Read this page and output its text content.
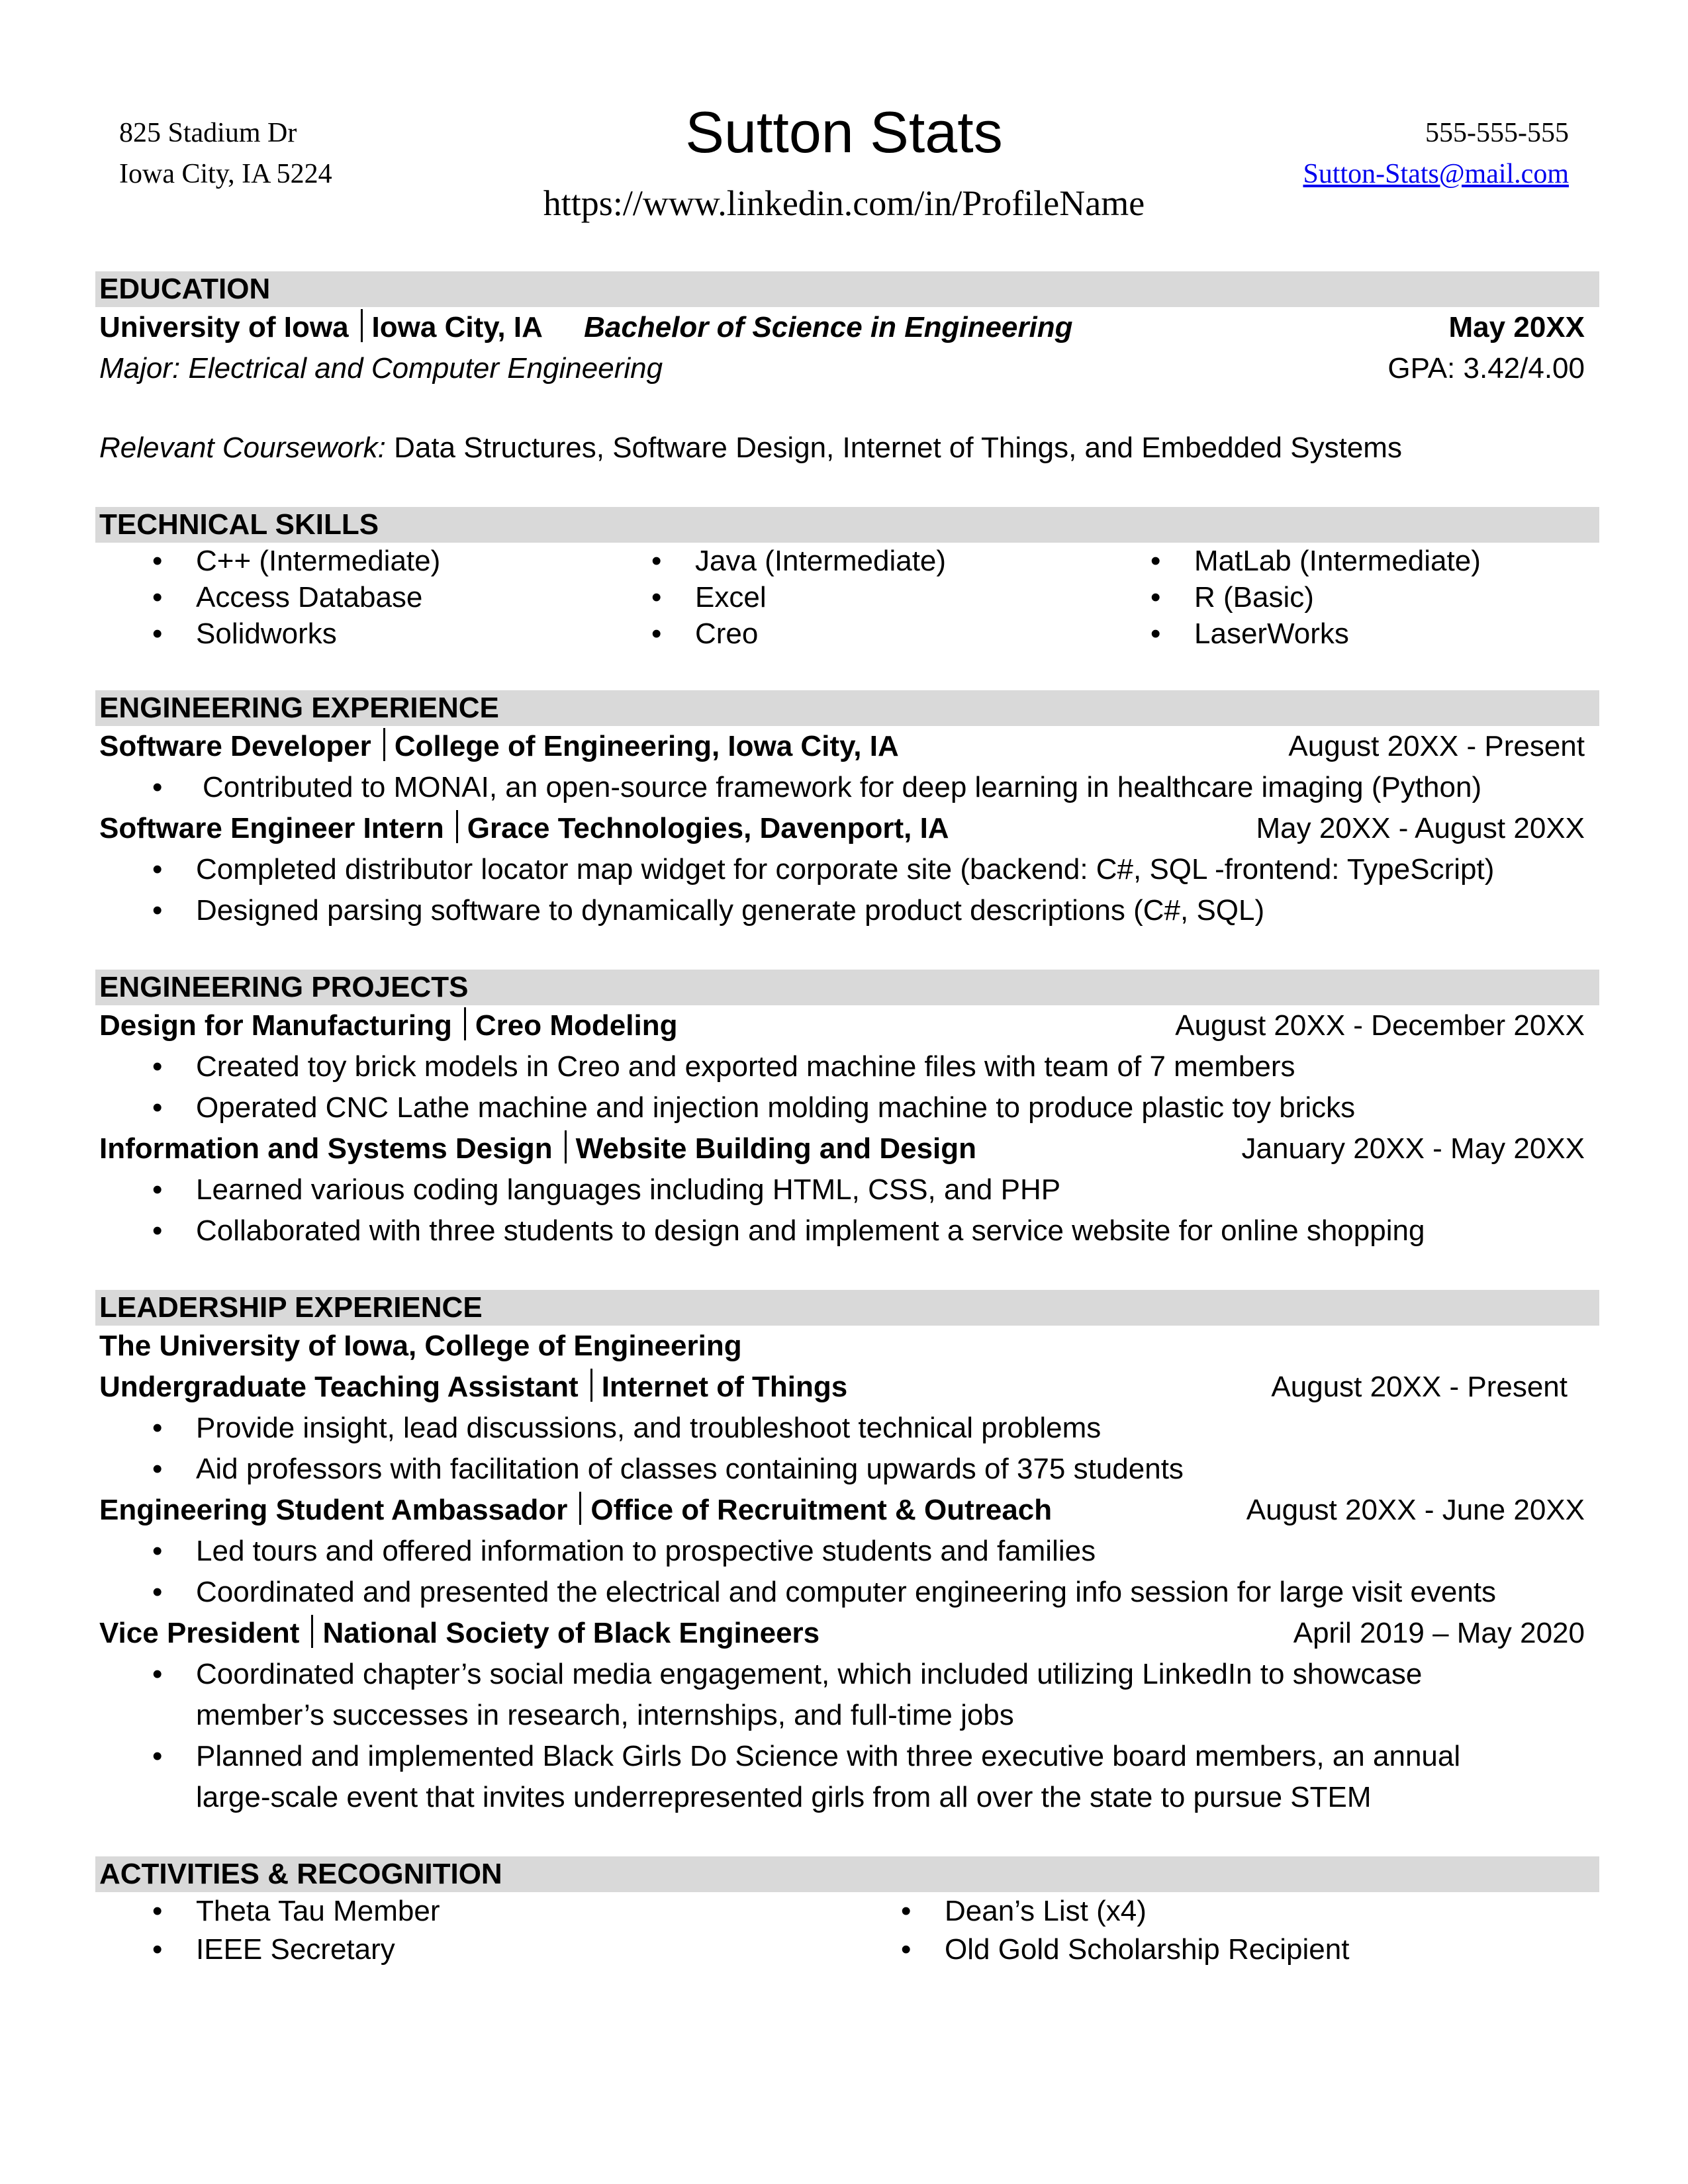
825 Stadium Dr
Iowa City, IA 5224
Sutton Stats
https://www.linkedin.com/in/ProfileName
555-555-555
Sutton-Stats@mail.com
EDUCATION
University of Iowa Iowa City, IA Bachelor of Science in Engineering	May 20XX
Major: Electrical and Computer Engineering	GPA: 3.42/4.00
Relevant Coursework: Data Structures, Software Design, Internet of Things, and Embedded Systems
TECHNICAL SKILLS
• C++ (Intermediate)
• Access Database
• Solidworks
• Java (Intermediate)
• Excel
• Creo
• MatLab (Intermediate)
• R (Basic)
• LaserWorks
ENGINEERING EXPERIENCE
Software Developer College of Engineering, Iowa City, IA	August 20XX - Present
• Contributed to MONAI, an open-source framework for deep learning in healthcare imaging (Python)
Software Engineer Intern Grace Technologies, Davenport, IA	May 20XX - August 20XX
• Completed distributor locator map widget for corporate site (backend: C#, SQL -frontend: TypeScript)
• Designed parsing software to dynamically generate product descriptions (C#, SQL)
ENGINEERING PROJECTS
Design for Manufacturing Creo Modeling	August 20XX - December 20XX
• Created toy brick models in Creo and exported machine files with team of 7 members
• Operated CNC Lathe machine and injection molding machine to produce plastic toy bricks
Information and Systems Design Website Building and Design	January 20XX - May 20XX
• Learned various coding languages including HTML, CSS, and PHP
• Collaborated with three students to design and implement a service website for online shopping
LEADERSHIP EXPERIENCE
The University of Iowa, College of Engineering
Undergraduate Teaching Assistant Internet of Things	August 20XX - Present
• Provide insight, lead discussions, and troubleshoot technical problems
• Aid professors with facilitation of classes containing upwards of 375 students
Engineering Student Ambassador Office of Recruitment & Outreach	August 20XX - June 20XX
• Led tours and offered information to prospective students and families
• Coordinated and presented the electrical and computer engineering info session for large visit events
Vice President National Society of Black Engineers	April 2019 – May 2020
• Coordinated chapter’s social media engagement, which included utilizing LinkedIn to showcase member’s successes in research, internships, and full-time jobs
• Planned and implemented Black Girls Do Science with three executive board members, an annual large-scale event that invites underrepresented girls from all over the state to pursue STEM
ACTIVITIES & RECOGNITION
• Theta Tau Member
• IEEE Secretary
• Dean’s List (x4)
• Old Gold Scholarship Recipient
